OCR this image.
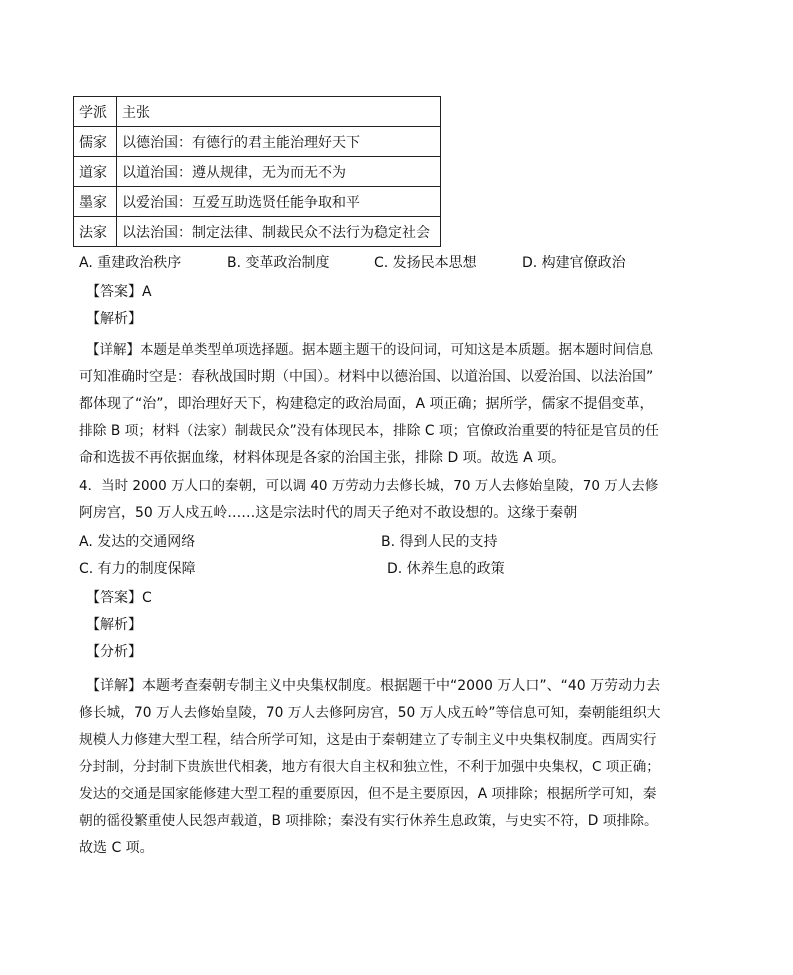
学派	主张
儒家	以德治国：有德行的君主能治理好天下
道家	以道治国：遵从规律，无为而无不为
墨家	以爱治国：互爱互助选贤任能争取和平
法家	以法治国：制定法律、制裁民众不法行为稳定社会
A. 重建政治秩序	B. 变革政治制度	C. 发扬民本思想	D. 构建官僚政治
【答案】A
【解析】
【详解】本题是单类型单项选择题。据本题主题干的设问词，可知这是本质题。据本题时间信息
可知准确时空是：春秋战国时期（中国）。材料中以德治国、以道治国、以爱治国、以法治国”
都体现了“治”，即治理好天下，构建稳定的政治局面，A 项正确；据所学，儒家不提倡变革，
排除 B 项；材料（法家）制裁民众”没有体现民本，排除 C 项；官僚政治重要的特征是官员的任
命和选拔不再依据血缘，材料体现是各家的治国主张，排除 D 项。故选 A 项。
4．当时 2000 万人口的秦朝，可以调 40 万劳动力去修长城，70 万人去修始皇陵，70 万人去修
阿房宫，50 万人戍五岭……这是宗法时代的周天子绝对不敢设想的。这缘于秦朝
A. 发达的交通网络	B. 得到人民的支持
C. 有力的制度保障	D. 休养生息的政策
【答案】C
【解析】
【分析】
【详解】本题考查秦朝专制主义中央集权制度。根据题干中“2000 万人口”、“40 万劳动力去
修长城，70 万人去修始皇陵，70 万人去修阿房宫，50 万人戍五岭”等信息可知，秦朝能组织大
规模人力修建大型工程，结合所学可知，这是由于秦朝建立了专制主义中央集权制度。西周实行
分封制，分封制下贵族世代相袭，地方有很大自主权和独立性，不利于加强中央集权，C 项正确；
发达的交通是国家能修建大型工程的重要原因，但不是主要原因，A 项排除；根据所学可知，秦
朝的徭役繁重使人民怨声载道，B 项排除；秦没有实行休养生息政策，与史实不符，D 项排除。
故选 C 项。
